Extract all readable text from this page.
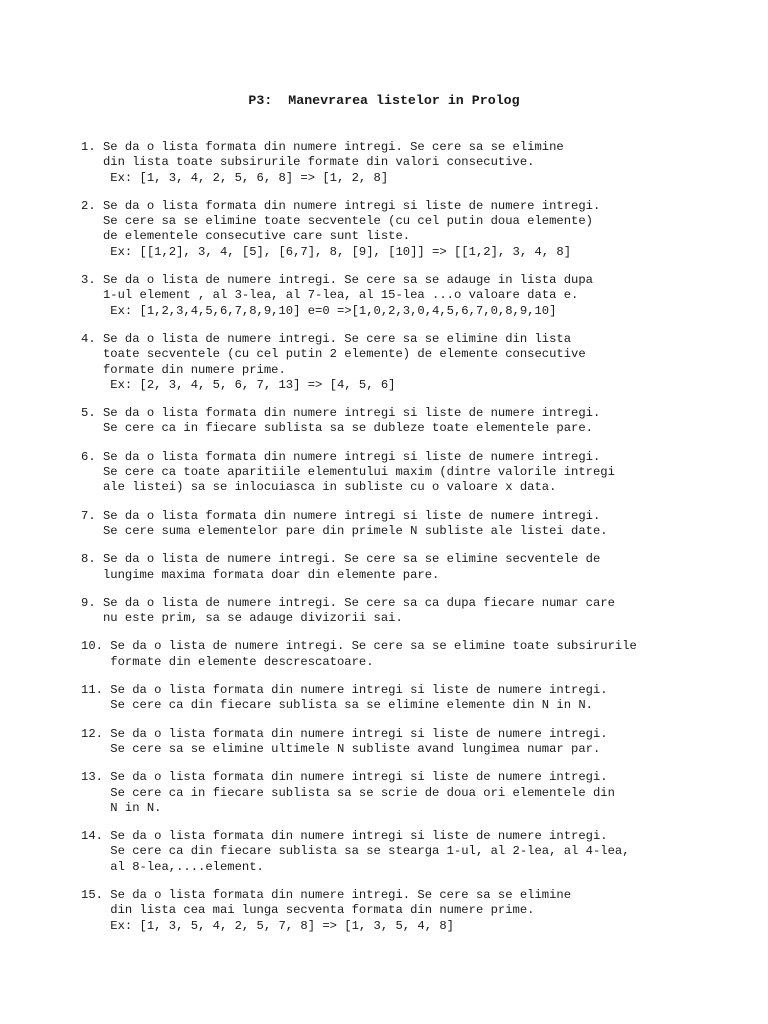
P3:  Manevrarea listelor in Prolog
1. Se da o lista formata din numere intregi. Se cere sa se elimine
din lista toate subsirurile formate din valori consecutive.
Ex: [1, 3, 4, 2, 5, 6, 8] => [1, 2, 8]
2. Se da o lista formata din numere intregi si liste de numere intregi.
Se cere sa se elimine toate secventele (cu cel putin doua elemente)
de elementele consecutive care sunt liste.
Ex: [[1,2], 3, 4, [5], [6,7], 8, [9], [10]] => [[1,2], 3, 4, 8]
3. Se da o lista de numere intregi. Se cere sa se adauge in lista dupa
1-ul element , al 3-lea, al 7-lea, al 15-lea ...o valoare data e.
Ex: [1,2,3,4,5,6,7,8,9,10] e=0 =>[1,0,2,3,0,4,5,6,7,0,8,9,10]
4. Se da o lista de numere intregi. Se cere sa se elimine din lista
toate secventele (cu cel putin 2 elemente) de elemente consecutive
formate din numere prime.
Ex: [2, 3, 4, 5, 6, 7, 13] => [4, 5, 6]
5. Se da o lista formata din numere intregi si liste de numere intregi.
Se cere ca in fiecare sublista sa se dubleze toate elementele pare.
6. Se da o lista formata din numere intregi si liste de numere intregi.
Se cere ca toate aparitiile elementului maxim (dintre valorile intregi
ale listei) sa se inlocuiasca in subliste cu o valoare x data.
7. Se da o lista formata din numere intregi si liste de numere intregi.
Se cere suma elementelor pare din primele N subliste ale listei date.
8. Se da o lista de numere intregi. Se cere sa se elimine secventele de
lungime maxima formata doar din elemente pare.
9. Se da o lista de numere intregi. Se cere sa ca dupa fiecare numar care
nu este prim, sa se adauge divizorii sai.
10. Se da o lista de numere intregi. Se cere sa se elimine toate subsirurile
formate din elemente descrescatoare.
11. Se da o lista formata din numere intregi si liste de numere intregi.
Se cere ca din fiecare sublista sa se elimine elemente din N in N.
12. Se da o lista formata din numere intregi si liste de numere intregi.
Se cere sa se elimine ultimele N subliste avand lungimea numar par.
13. Se da o lista formata din numere intregi si liste de numere intregi.
Se cere ca in fiecare sublista sa se scrie de doua ori elementele din
N in N.
14. Se da o lista formata din numere intregi si liste de numere intregi.
Se cere ca din fiecare sublista sa se stearga 1-ul, al 2-lea, al 4-lea,
al 8-lea,....element.
15. Se da o lista formata din numere intregi. Se cere sa se elimine
din lista cea mai lunga secventa formata din numere prime.
Ex: [1, 3, 5, 4, 2, 5, 7, 8] => [1, 3, 5, 4, 8]
